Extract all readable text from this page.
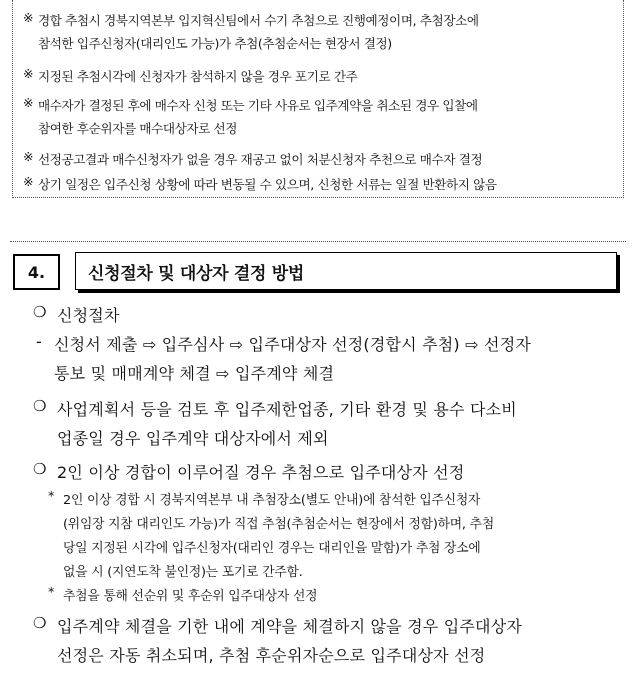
※ 경합 추첨시 경북지역본부 입지혁신팀에서 수기 추첨으로 진행예정이며, 추첨장소에
참석한 입주신청자(대리인도 가능)가 추첨(추첨순서는 현장서 결정)
※ 지정된 추첨시각에 신청자가 참석하지 않을 경우 포기로 간주
※ 매수자가 결정된 후에 매수자 신청 또는 기타 사유로 입주계약을 취소된 경우 입찰에
참여한 후순위자를 매수대상자로 선정
※ 선정공고결과 매수신청자가 없을 경우 재공고 없이 처분신청자 추천으로 매수자 결정
※ 상기 일정은 입주신청 상황에 따라 변동될 수 있으며, 신청한 서류는 일절 반환하지 않음
4.	신청절차 및 대상자 결정 방법
❍ 신청절차
- 신청서 제출 ⇨ 입주심사 ⇨ 입주대상자 선정(경합시 추첨) ⇨ 선정자
통보 및 매매계약 체결 ⇨ 입주계약 체결
❍ 사업계획서 등을 검토 후 입주제한업종, 기타 환경 및 용수 다소비
업종일 경우 입주계약 대상자에서 제외
❍ 2인 이상 경합이 이루어질 경우 추첨으로 입주대상자 선정
* 2인 이상 경합 시 경북지역본부 내 추첨장소(별도 안내)에 참석한 입주신청자
(위임장 지참 대리인도 가능)가 직접 추첨(추첨순서는 현장에서 정함)하며, 추첨
당일 지정된 시각에 입주신청자(대리인 경우는 대리인을 말함)가 추첨 장소에
없을 시 (지연도착 불인정)는 포기로 간주함.
* 추첨을 통해 선순위 및 후순위 입주대상자 선정
❍ 입주계약 체결을 기한 내에 계약을 체결하지 않을 경우 입주대상자
선정은 자동 취소되며, 추첨 후순위자순으로 입주대상자 선정
